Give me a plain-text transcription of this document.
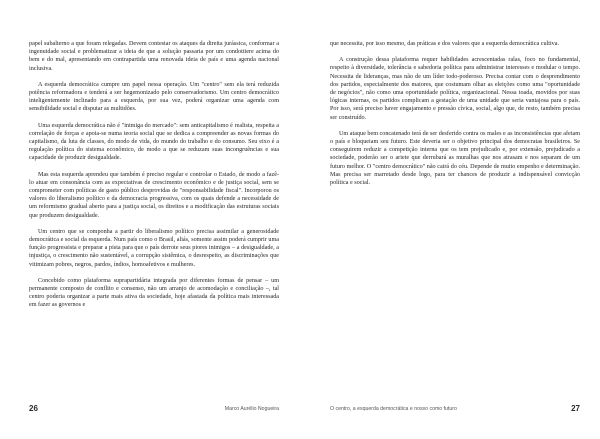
papel subalterno a que foram relegadas. Devem contestar os ataques da direita jurássica, conformar a ingenuidade social e problematizar a ideia de que a solução passaria por um condottiere acima do bem e do mal, apresentando em contrapartida uma renovada ideia de país e uma agenda nacional inclusiva.

A esquerda democrática cumpre um papel nessa operação. Um "centro" sem ela terá reduzida potência reformadora e tenderá a ser hegemonizado pelo conservadorismo. Um centro democrático inteligentemente inclinado para a esquerda, por sua vez, poderá organizar uma agenda com sensibilidade social e disputar as multidões.

Uma esquerda democrática não é "inimiga do mercado": sem anticapitalismo é realista, respeita a correlação de forças e apoia-se numa teoria social que se dedica a compreender as novas formas do capitalismo, da luta de classes, do modo de vida, do mundo do trabalho e do consumo. Seu eixo é a regulação política do sistema econômico, de modo a que se reduzam suas incongruências e sua capacidade de produzir desigualdade.

Mas esta esquerda aprendeu que também é preciso regular e controlar o Estado, de modo a fazê-lo atuar em consonância com as expectativas de crescimento econômico e de justiça social, sem se comprometer com políticas de gasto público desprovidas de "responsabilidade fiscal". Incorporou os valores do liberalismo político e da democracia progressiva, com os quais defende a necessidade de um reformismo gradual aberto para a justiça social, os direitos e a modificação das estruturas sociais que produzem desigualdade.

Um centro que se componha a partir do liberalismo político precisa assimilar a generosidade democrática e social da esquerda. Num país como o Brasil, aliás, somente assim poderá cumprir uma função progressista e preparar a pista para que o país derrote seus piores inimigos – a desigualdade, a injustiça, o crescimento não sustentável, a corrupção sistêmica, o desrespeito, as discriminações que vitimizam pobres, negros, pardos, índios, homoafetivos e mulheres.

Concebido como plataforma suprapartidária integrada por diferentes formas de pensar – um permanente composto de conflito e consenso, não um arranjo de acomodação e conciliação –, tal centro poderia organizar a parte mais ativa da sociedade, hoje afastada da política mais interessada em fazer as governos e

26	Marco Aurélio Nogueira

que necessita, por isso mesmo, das práticas e dos valores que a esquerda democrática cultiva.

A construção dessa plataforma requer habilidades acrescentadas ralas, foco no fundamental, respeito à diversidade, tolerância e sabedoria política para administrar interesses e modular o tempo. Necessita de lideranças, mas não de um líder todo-poderoso. Precisa contar com o desprendimento dos partidos, especialmente dos maiores, que costumam olhar as eleições como uma "oportunidade de negócios", não como uma oportunidade política, organizacional. Nessa toada, movidos por suas lógicas internas, os partidos complicam a gestação de uma unidade que seria vantajosa para o país. Por isso, será preciso haver engajamento e pressão cívica, social, algo que, de resto, também precisa ser construído.

Um ataque bem concatenado terá de ser desferido contra os males e as inconsistências que afetam o país e bloqueiam seu futuro. Este deveria ser o objetivo principal dos democratas brasileiros. Se conseguirem reduzir a competição interna que os tem prejudicado e, por extensão, prejudicado a sociedade, poderão ser o ariete que derrubará as muralhas que nos atrasam e nos separam de um futuro melhor. O "centro democrático" não cairá do céu. Depende de muito empenho e determinação. Mas precisa ser marretado desde logo, para ter chances de produzir a indispensável convicção política e social.

O centro, a esquerda democrática e nosso como futuro	27
